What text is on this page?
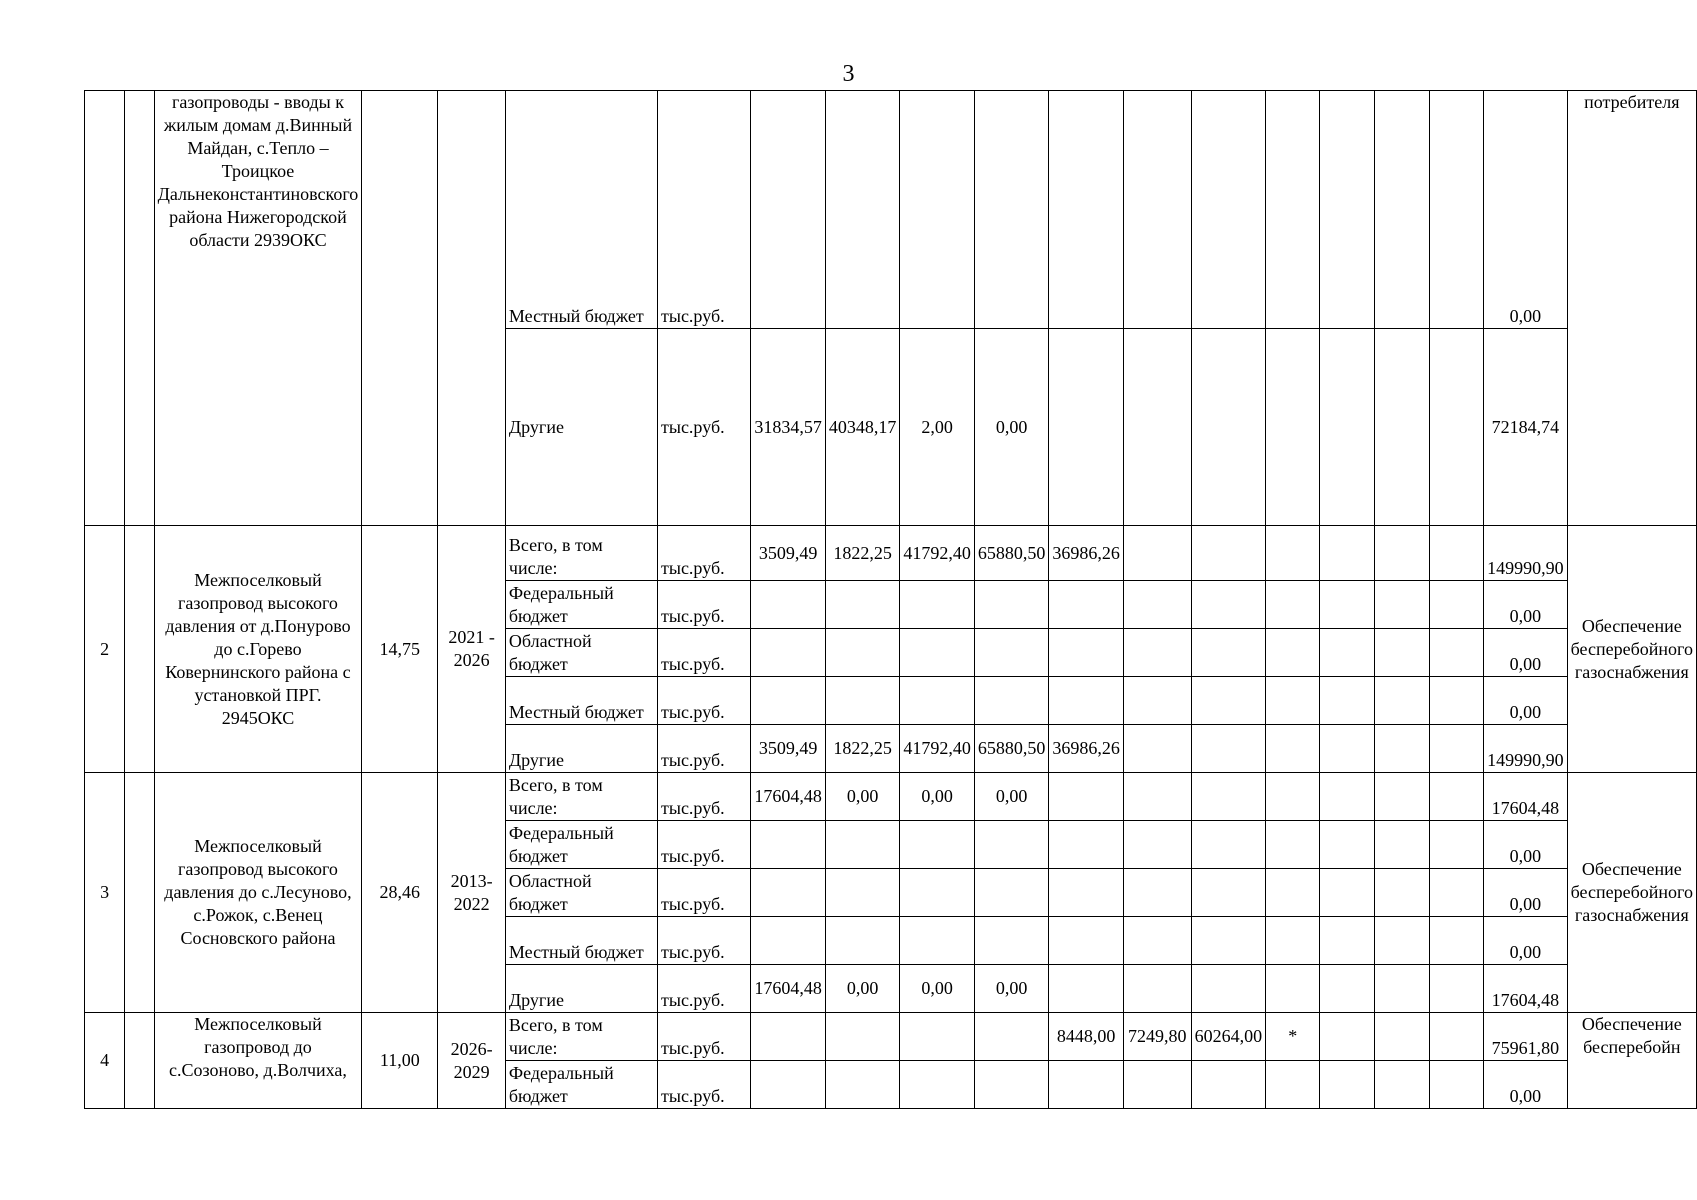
3
		газопроводы - вводы к жилым домам д.Винный Майдан, с.Тепло – Троицкое Дальнеконстантиновского района Нижегородской области 2939ОКС			Местный бюджет	тыс.руб.												0,00	потребителя
					Другие	тыс.руб.	31834,57	40348,17	2,00	0,00								72184,74	
2		Межпоселковый газопровод высокого давления от д.Понурово до с.Горево Ковернинского района с установкой ПРГ. 2945ОКС	14,75	2021 - 2026	Всего, в том числе:	тыс.руб.	3509,49	1822,25	41792,40	65880,50	36986,26							149990,90	Обеспечение бесперебойного газоснабжения
					Федеральный бюджет	тыс.руб.												0,00	
					Областной бюджет	тыс.руб.												0,00	
					Местный бюджет	тыс.руб.												0,00	
					Другие	тыс.руб.	3509,49	1822,25	41792,40	65880,50	36986,26							149990,90	
3		Межпоселковый газопровод высокого давления до с.Лесуново, с.Рожок, с.Венец Сосновского района	28,46	2013-2022	Всего, в том числе:	тыс.руб.	17604,48	0,00	0,00	0,00								17604,48	Обеспечение бесперебойного газоснабжения
					Федеральный бюджет	тыс.руб.												0,00	
					Областной бюджет	тыс.руб.												0,00	
					Местный бюджет	тыс.руб.												0,00	
					Другие	тыс.руб.	17604,48	0,00	0,00	0,00								17604,48	
4		Межпоселковый газопровод до с.Созоново, д.Волчиха,	11,00	2026-2029	Всего, в том числе:	тыс.руб.					8448,00	7249,80	60264,00	*				75961,80	Обеспечение бесперебойн
					Федеральный бюджет	тыс.руб.												0,00	
